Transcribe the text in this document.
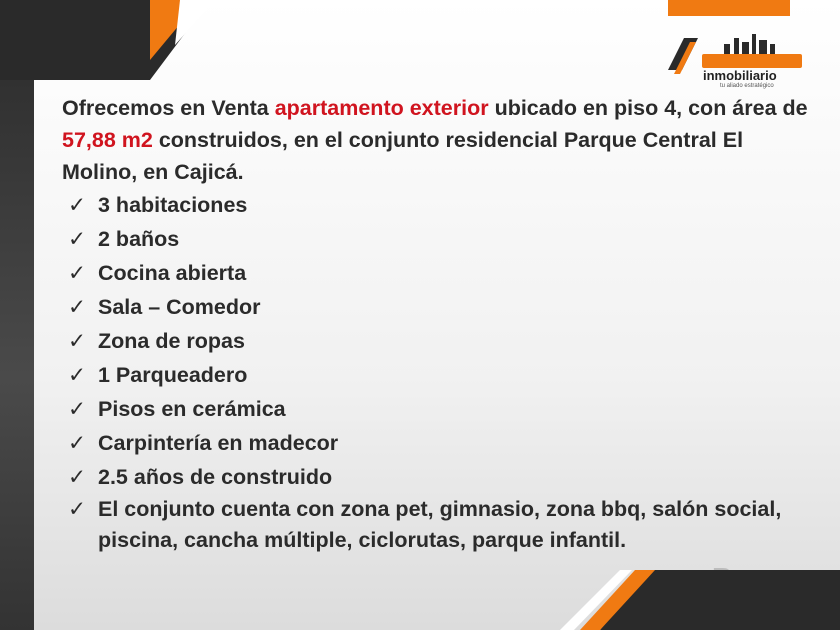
inmobiliario
tu aliado estratégico

Ofrecemos en Venta apartamento exterior ubicado en piso 4, con área de 57,88 m2 construidos, en el conjunto residencial Parque Central El Molino, en Cajicá.

✓ 3 habitaciones
✓ 2 baños
✓ Cocina abierta
✓ Sala – Comedor
✓ Zona de ropas
✓ 1 Parqueadero
✓ Pisos en cerámica
✓ Carpintería en madecor
✓ 2.5 años de construido
✓ El conjunto cuenta con zona pet, gimnasio, zona bbq, salón social, piscina, cancha múltiple, ciclorutas, parque infantil.
